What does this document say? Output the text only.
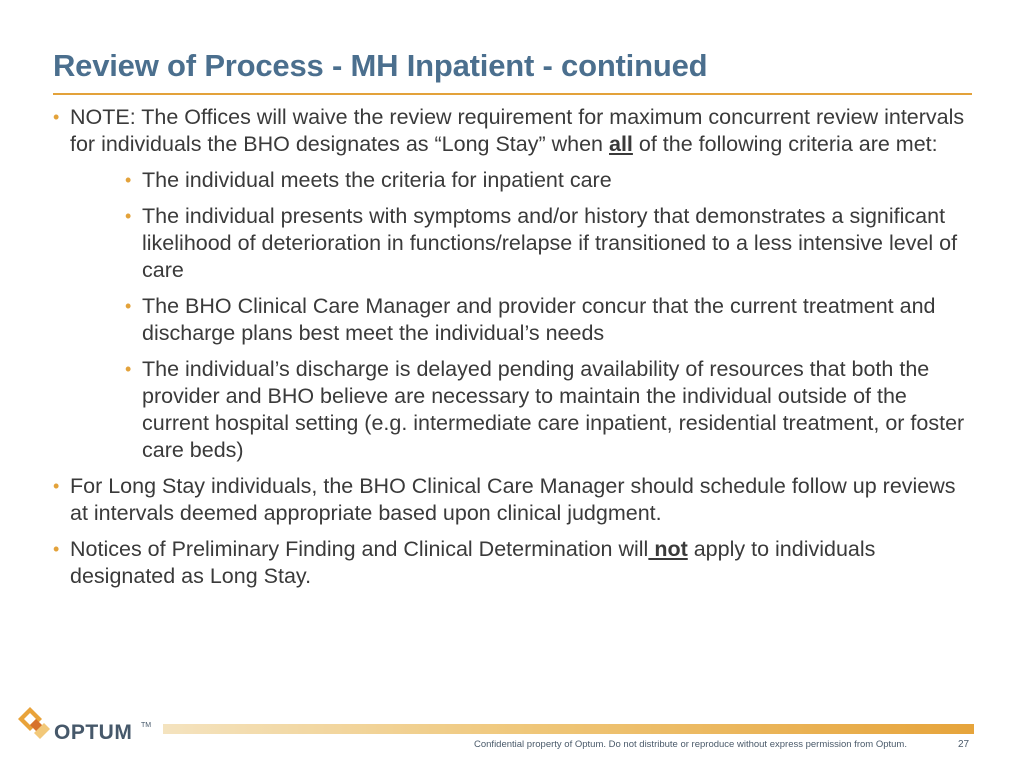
Review of Process - MH Inpatient - continued

• NOTE: The Offices will waive the review requirement for maximum concurrent review intervals for individuals the BHO designates as “Long Stay” when all of the following criteria are met:

• The individual meets the criteria for inpatient care

• The individual presents with symptoms and/or history that demonstrates a significant likelihood of deterioration in functions/relapse if transitioned to a less intensive level of care

• The BHO Clinical Care Manager and provider concur that the current treatment and discharge plans best meet the individual’s needs

• The individual’s discharge is delayed pending availability of resources that both the provider and BHO believe are necessary to maintain the individual outside of the current hospital setting (e.g. intermediate care inpatient, residential treatment, or foster care beds)

• For Long Stay individuals, the BHO Clinical Care Manager should schedule follow up reviews at intervals deemed appropriate based upon clinical judgment.

• Notices of Preliminary Finding and Clinical Determination will not apply to individuals designated as Long Stay.

OPTUM TM
Confidential property of Optum. Do not distribute or reproduce without express permission from Optum.	27
